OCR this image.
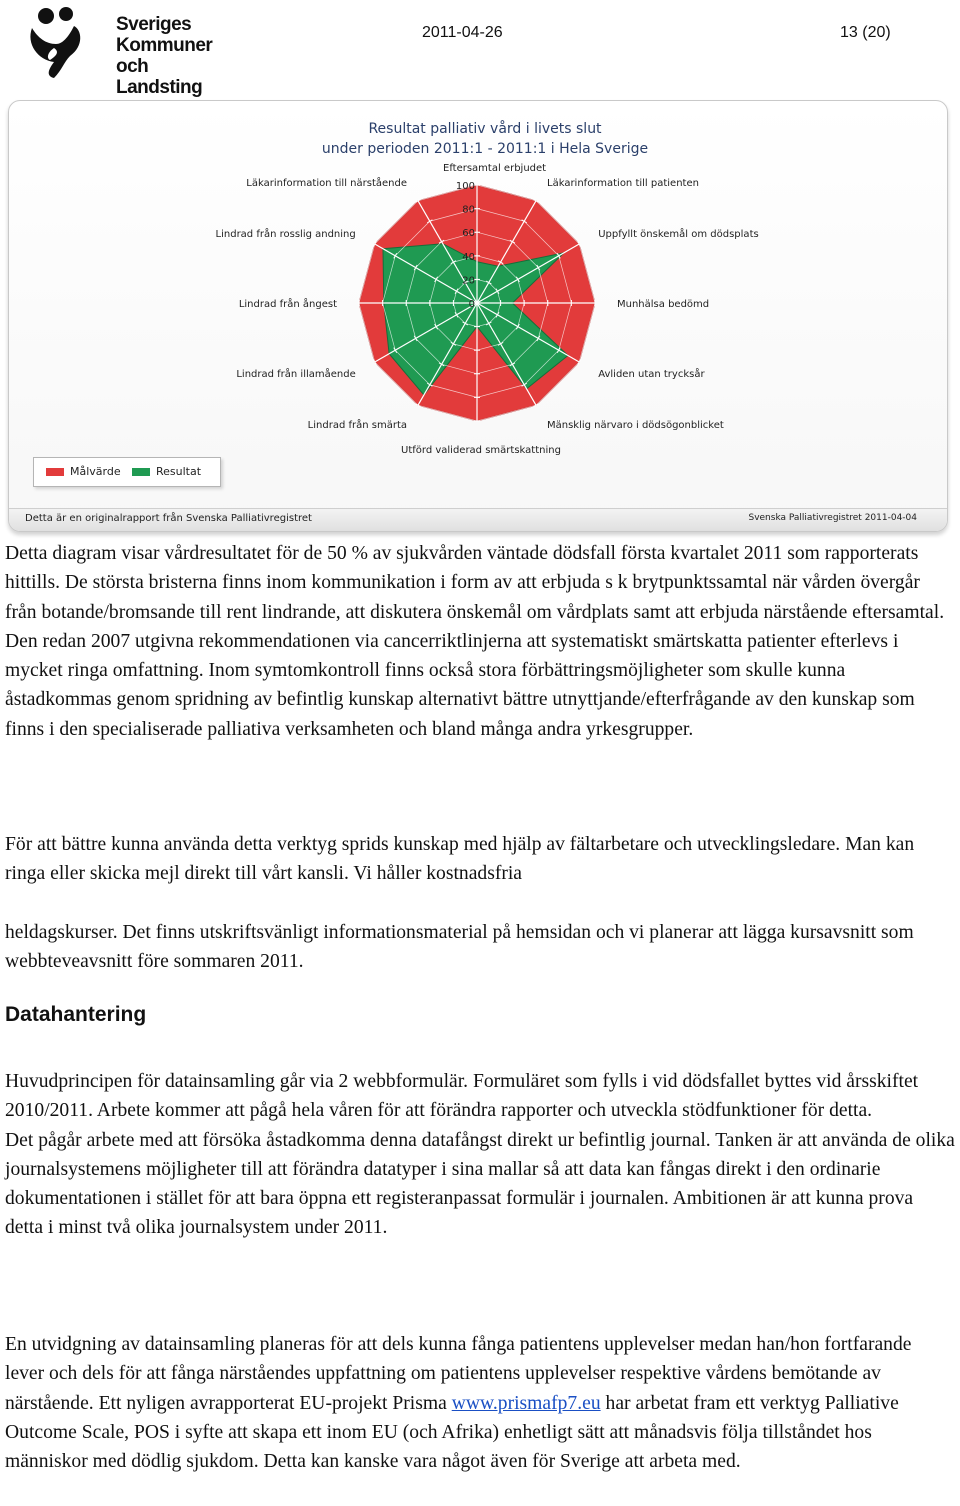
Sveriges
Kommuner
och Landsting
2011-04-26	13 (20)
Resultat palliativ vård i livets slut
under perioden 2011:1 - 2011:1 i Hela Sverige
0
20
40
60
80
100
Eftersamtal erbjudet
Läkarinformation till patienten
Uppfyllt önskemål om dödsplats
Munhälsa bedömd
Avliden utan trycksår
Mänsklig närvaro i dödsögonblicket
Utförd validerad smärtskattning
Lindrad från smärta
Lindrad från illamående
Lindrad från ångest
Lindrad från rosslig andning
Läkarinformation till närstående
Målvärde	Resultat
Detta är en originalrapport från Svenska Palliativregistret	Svenska Palliativregistret 2011-04-04

Detta diagram visar vårdresultatet för de 50 % av sjukvården väntade dödsfall första kvartalet 2011 som rapporterats hittills. De största bristerna finns inom kommunikation i form av att erbjuda s k brytpunktssamtal när vården övergår från botande/bromsande till rent lindrande, att diskutera önskemål om vårdplats samt att erbjuda närstående eftersamtal. Den redan 2007 utgivna rekommendationen via cancerriktlinjerna att systematiskt smärtskatta patienter efterlevs i mycket ringa omfattning. Inom symtomkontroll finns också stora förbättringsmöjligheter som skulle kunna åstadkommas genom spridning av befintlig kunskap alternativt bättre utnyttjande/efterfrågande av den kunskap som finns i den specialiserade palliativa verksamheten och bland många andra yrkesgrupper.

För att bättre kunna använda detta verktyg sprids kunskap med hjälp av fältarbetare och utvecklingsledare. Man kan ringa eller skicka mejl direkt till vårt kansli. Vi håller kostnadsfria

heldagskurser. Det finns utskriftsvänligt informationsmaterial på hemsidan och vi planerar att lägga kursavsnitt som webbteveavsnitt före sommaren 2011.

Datahantering

Huvudprincipen för datainsamling går via 2 webbformulär. Formuläret som fylls i vid dödsfallet byttes vid årsskiftet 2010/2011. Arbete kommer att pågå hela våren för att förändra rapporter och utveckla stödfunktioner för detta.

Det pågår arbete med att försöka åstadkomma denna datafångst direkt ur befintlig journal. Tanken är att använda de olika journalsystemens möjligheter till att förändra datatyper i sina mallar så att data kan fångas direkt i den ordinarie dokumentationen i stället för att bara öppna ett registeranpassat formulär i journalen. Ambitionen är att kunna prova detta i minst två olika journalsystem under 2011.

En utvidgning av datainsamling planeras för att dels kunna fånga patientens upplevelser medan han/hon fortfarande lever och dels för att fånga närståendes uppfattning om patientens upplevelser respektive vårdens bemötande av närstående. Ett nyligen avrapporterat EU-projekt Prisma www.prismafp7.eu har arbetat fram ett verktyg Palliative Outcome Scale, POS i syfte att skapa ett inom EU (och Afrika) enhetligt sätt att månadsvis följa tillståndet hos människor med dödlig sjukdom. Detta kan kanske vara något även för Sverige att arbeta med.
